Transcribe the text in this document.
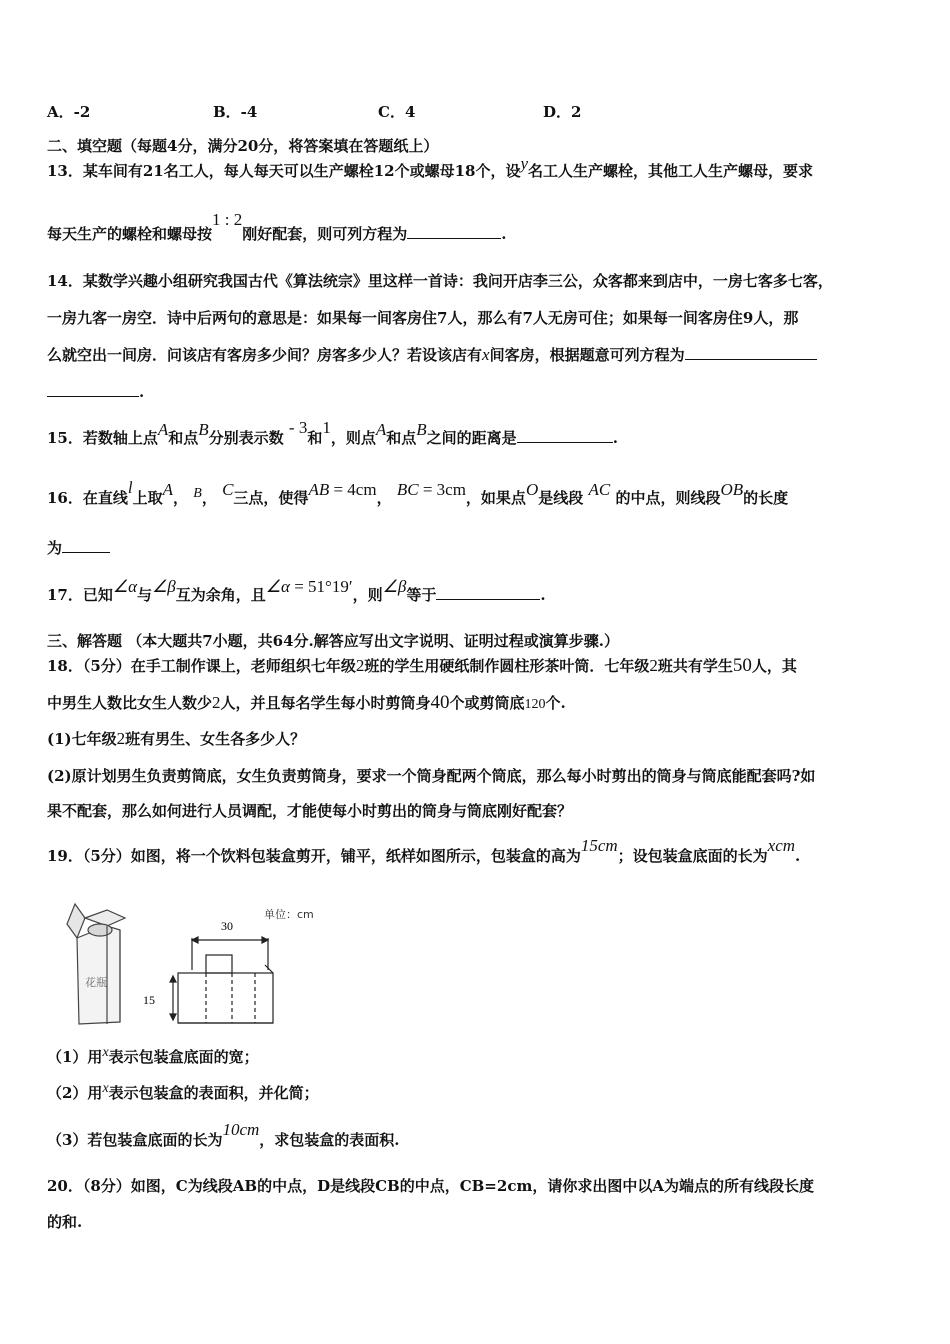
A．-2	B．-4	C．4	D．2
二、填空题（每题4分，满分20分，将答案填在答题纸上）
13．某车间有21名工人，每人每天可以生产螺栓12个或螺母18个，设y名工人生产螺栓，其他工人生产螺母，要求
每天生产的螺栓和螺母按1 : 2刚好配套，则可列方程为	.
14．某数学兴趣小组研究我国古代《算法统宗》里这样一首诗：我问开店李三公，众客都来到店中，一房七客多七客，
一房九客一房空．诗中后两句的意思是：如果每一间客房住7人，那么有7人无房可住；如果每一间客房住9人，那
么就空出一间房．问该店有客房多少间？房客多少人？若设该店有x间客房，根据题意可列方程为
.
15．若数轴上点A和点B分别表示数 - 3和1，则点A和点B之间的距离是	.
16．在直线l上取A， B， C三点，使得AB = 4cm， BC = 3cm，如果点O是线段 AC 的中点，则线段OB的长度
为
17．已知∠α与∠β互为余角，且∠α = 51°19′，则∠β等于	.
三、解答题 （本大题共7小题，共64分.解答应写出文字说明、证明过程或演算步骤.）
18．（5分）在手工制作课上，老师组织七年级2班的学生用硬纸制作圆柱形茶叶筒．七年级2班共有学生50人，其
中男生人数比女生人数少2人，并且每名学生每小时剪筒身40个或剪筒底120个.
(1)七年级2班有男生、女生各多少人？
(2)原计划男生负责剪筒底，女生负责剪筒身，要求一个筒身配两个筒底，那么每小时剪出的筒身与筒底能配套吗?如
果不配套，那么如何进行人员调配，才能使每小时剪出的筒身与筒底刚好配套？
19．（5分）如图，将一个饮料包装盒剪开，铺平，纸样如图所示，包装盒的高为15cm；设包装盒底面的长为xcm.
花瓶
30
15
单位：cm
（1）用x表示包装盒底面的宽；
（2）用x表示包装盒的表面积，并化简；
（3）若包装盒底面的长为10cm，求包装盒的表面积.
20．（8分）如图，C为线段AB的中点，D是线段CB的中点，CB=2cm，请你求出图中以A为端点的所有线段长度
的和.
